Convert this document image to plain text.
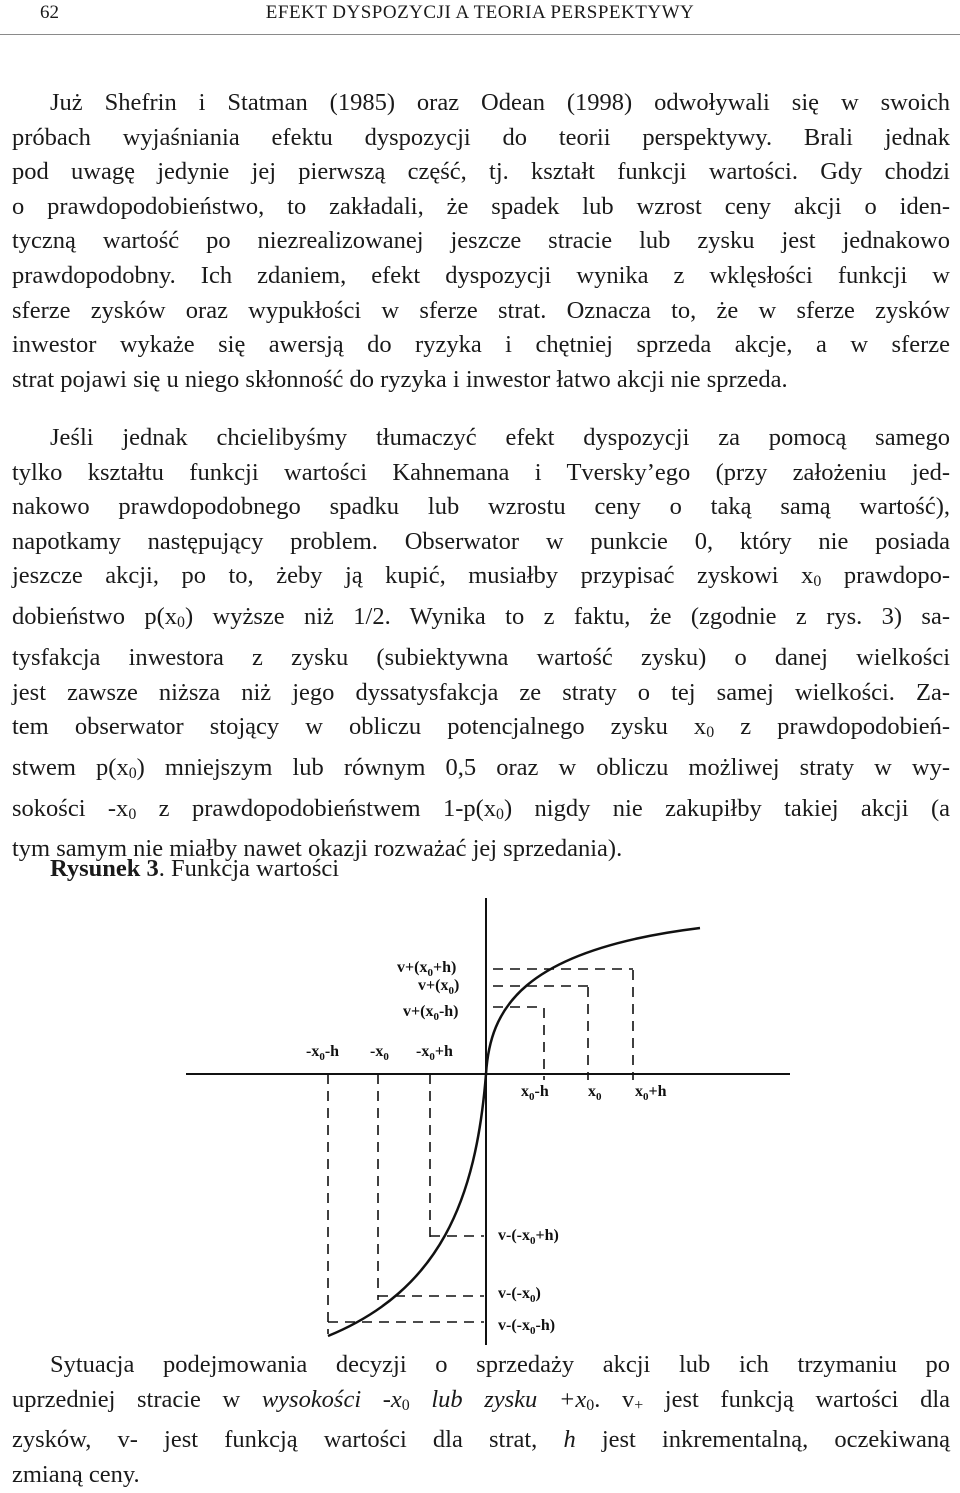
62	EFEKT DYSPOZYCJI A TEORIA PERSPEKTYWY
Już Shefrin i Statman (1985) oraz Odean (1998) odwoływali się w swoich
próbach wyjaśniania efektu dyspozycji do teorii perspektywy. Brali jednak
pod uwagę jedynie jej pierwszą część, tj. kształt funkcji wartości. Gdy chodzi
o prawdopodobieństwo, to zakładali, że spadek lub wzrost ceny akcji o iden-
tyczną wartość po niezrealizowanej jeszcze stracie lub zysku jest jednakowo
prawdopodobny. Ich zdaniem, efekt dyspozycji wynika z wklęsłości funkcji w
sferze zysków oraz wypukłości w sferze strat. Oznacza to, że w sferze zysków
inwestor wykaże się awersją do ryzyka i chętniej sprzeda akcje, a w sferze
strat pojawi się u niego skłonność do ryzyka i inwestor łatwo akcji nie sprzeda.
Jeśli jednak chcielibyśmy tłumaczyć efekt dyspozycji za pomocą samego
tylko kształtu funkcji wartości Kahnemana i Tversky’ego (przy założeniu jed-
nakowo prawdopodobnego spadku lub wzrostu ceny o taką samą wartość),
napotkamy następujący problem. Obserwator w punkcie 0, który nie posiada
jeszcze akcji, po to, żeby ją kupić, musiałby przypisać zyskowi $x_0$ prawdopo-
dobieństwo $p(x_0)$ wyższe niż 1/2. Wynika to z faktu, że (zgodnie z rys. 3) sa-
tysfakcja inwestora z zysku (subiektywna wartość zysku) o danej wielkości
jest zawsze niższa niż jego dyssatysfakcja ze straty o tej samej wielkości. Za-
tem obserwator stojący w obliczu potencjalnego zysku $x_0$ z prawdopodobień-
stwem $p(x_0)$ mniejszym lub równym 0,5 oraz w obliczu możliwej straty w wy-
sokości $-x_0$ z prawdopodobieństwem $1-p(x_0)$ nigdy nie zakupiłby takiej akcji (a
tym samym nie miałby nawet okazji rozważać jej sprzedania).
Rysunek 3. Funkcja wartości
$v+(x_0+h)$
$v+(x_0)$
$v+(x_0-h)$
$-x_0-h$ $-x_0$ $-x_0+h$
$x_0-h$ $x_0$ $x_0+h$
$v-(-x_0+h)$
$v-(-x_0)$
$v-(-x_0-h)$
Sytuacja podejmowania decyzji o sprzedaży akcji lub ich trzymaniu po
uprzedniej stracie w wysokości $-x_0$ lub zysku $+x_0$. $v_+$ jest funkcją wartości dla
zysków, v- jest funkcją wartości dla strat, h jest inkrementalną, oczekiwaną
zmianą ceny.
